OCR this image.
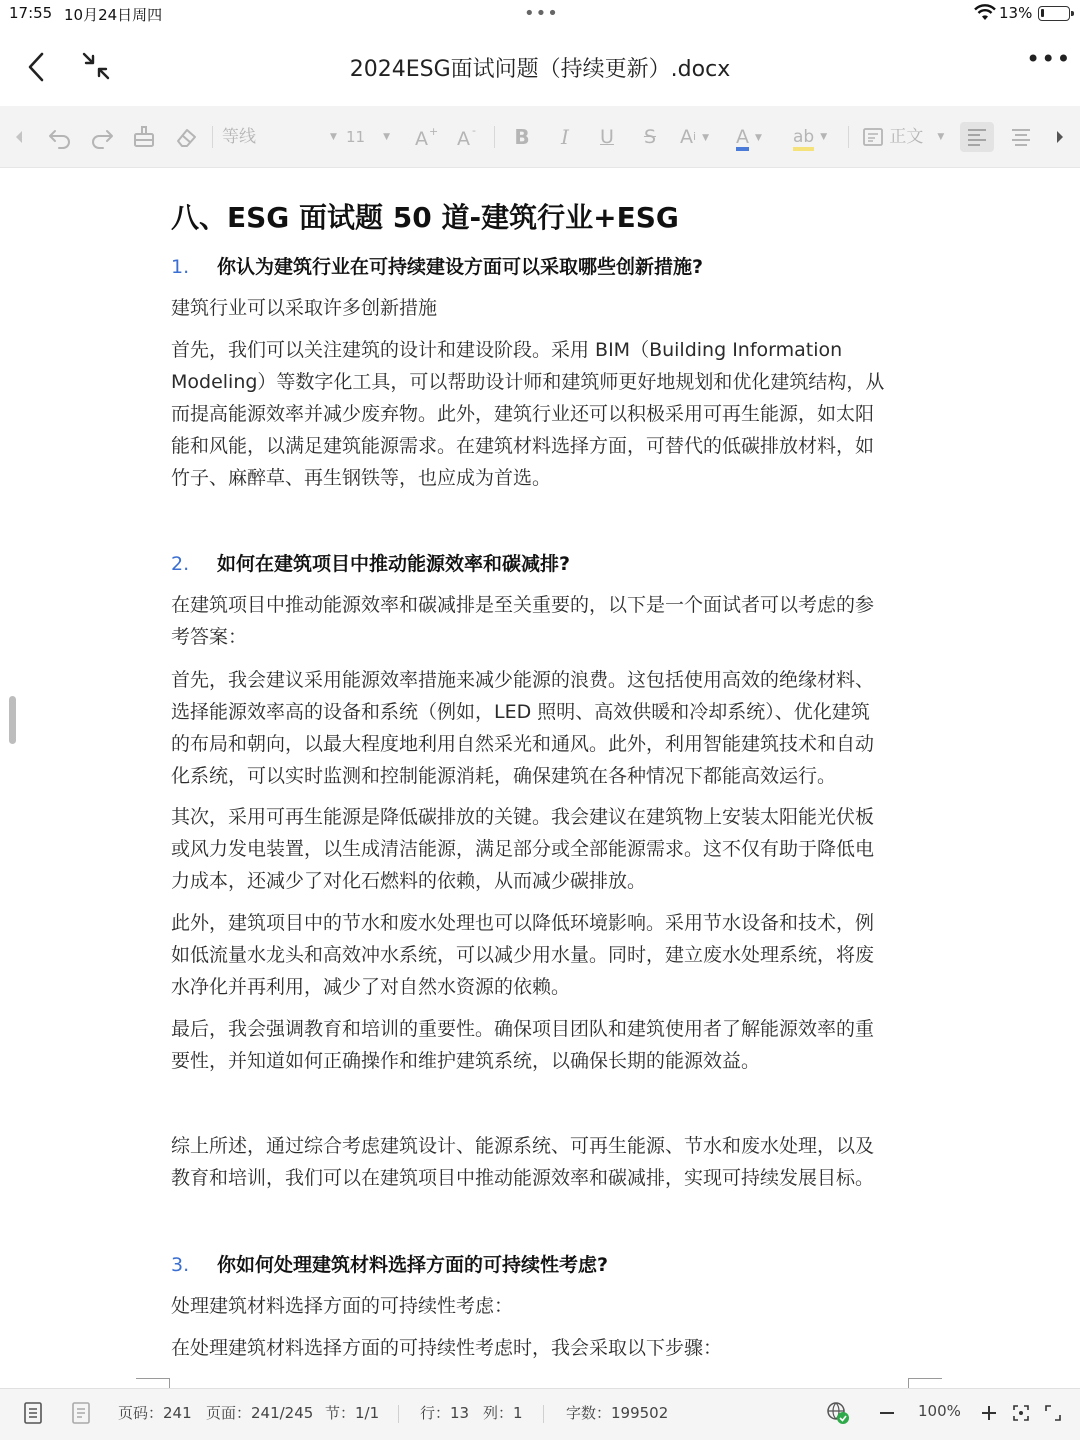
17:55 10月24日周四	•••	13%
2024ESG面试问题（持续更新）.docx	•••
等线	▼ 11 ▼	A + A -	B	I	U	S	$A^i$ ▼	A ▼	ab ▼	正文 ▼
八、ESG 面试题 50 道-建筑行业+ESG
1. 你认为建筑行业在可持续建设方面可以采取哪些创新措施?
建筑行业可以采取许多创新措施
首先，我们可以关注建筑的设计和建设阶段。采用 BIM（Building Information
Modeling）等数字化工具，可以帮助设计师和建筑师更好地规划和优化建筑结构，从
而提高能源效率并减少废弃物。此外，建筑行业还可以积极采用可再生能源，如太阳
能和风能，以满足建筑能源需求。在建筑材料选择方面，可替代的低碳排放材料，如
竹子、麻醉草、再生钢铁等，也应成为首选。
2. 如何在建筑项目中推动能源效率和碳减排?
在建筑项目中推动能源效率和碳减排是至关重要的，以下是一个面试者可以考虑的参
考答案：
首先，我会建议采用能源效率措施来减少能源的浪费。这包括使用高效的绝缘材料、
选择能源效率高的设备和系统（例如，LED 照明、高效供暖和冷却系统）、优化建筑
的布局和朝向，以最大程度地利用自然采光和通风。此外，利用智能建筑技术和自动
化系统，可以实时监测和控制能源消耗，确保建筑在各种情况下都能高效运行。
其次，采用可再生能源是降低碳排放的关键。我会建议在建筑物上安装太阳能光伏板
或风力发电装置，以生成清洁能源，满足部分或全部能源需求。这不仅有助于降低电
力成本，还减少了对化石燃料的依赖，从而减少碳排放。
此外，建筑项目中的节水和废水处理也可以降低环境影响。采用节水设备和技术，例
如低流量水龙头和高效冲水系统，可以减少用水量。同时，建立废水处理系统，将废
水净化并再利用，减少了对自然水资源的依赖。
最后，我会强调教育和培训的重要性。确保项目团队和建筑使用者了解能源效率的重
要性，并知道如何正确操作和维护建筑系统，以确保长期的能源效益。
综上所述，通过综合考虑建筑设计、能源系统、可再生能源、节水和废水处理，以及
教育和培训，我们可以在建筑项目中推动能源效率和碳减排，实现可持续发展目标。
3. 你如何处理建筑材料选择方面的可持续性考虑?
处理建筑材料选择方面的可持续性考虑：
在处理建筑材料选择方面的可持续性考虑时，我会采取以下步骤：
页码：241 页面：241/245 节：1/1	行：13 列：1	字数：199502	100%
